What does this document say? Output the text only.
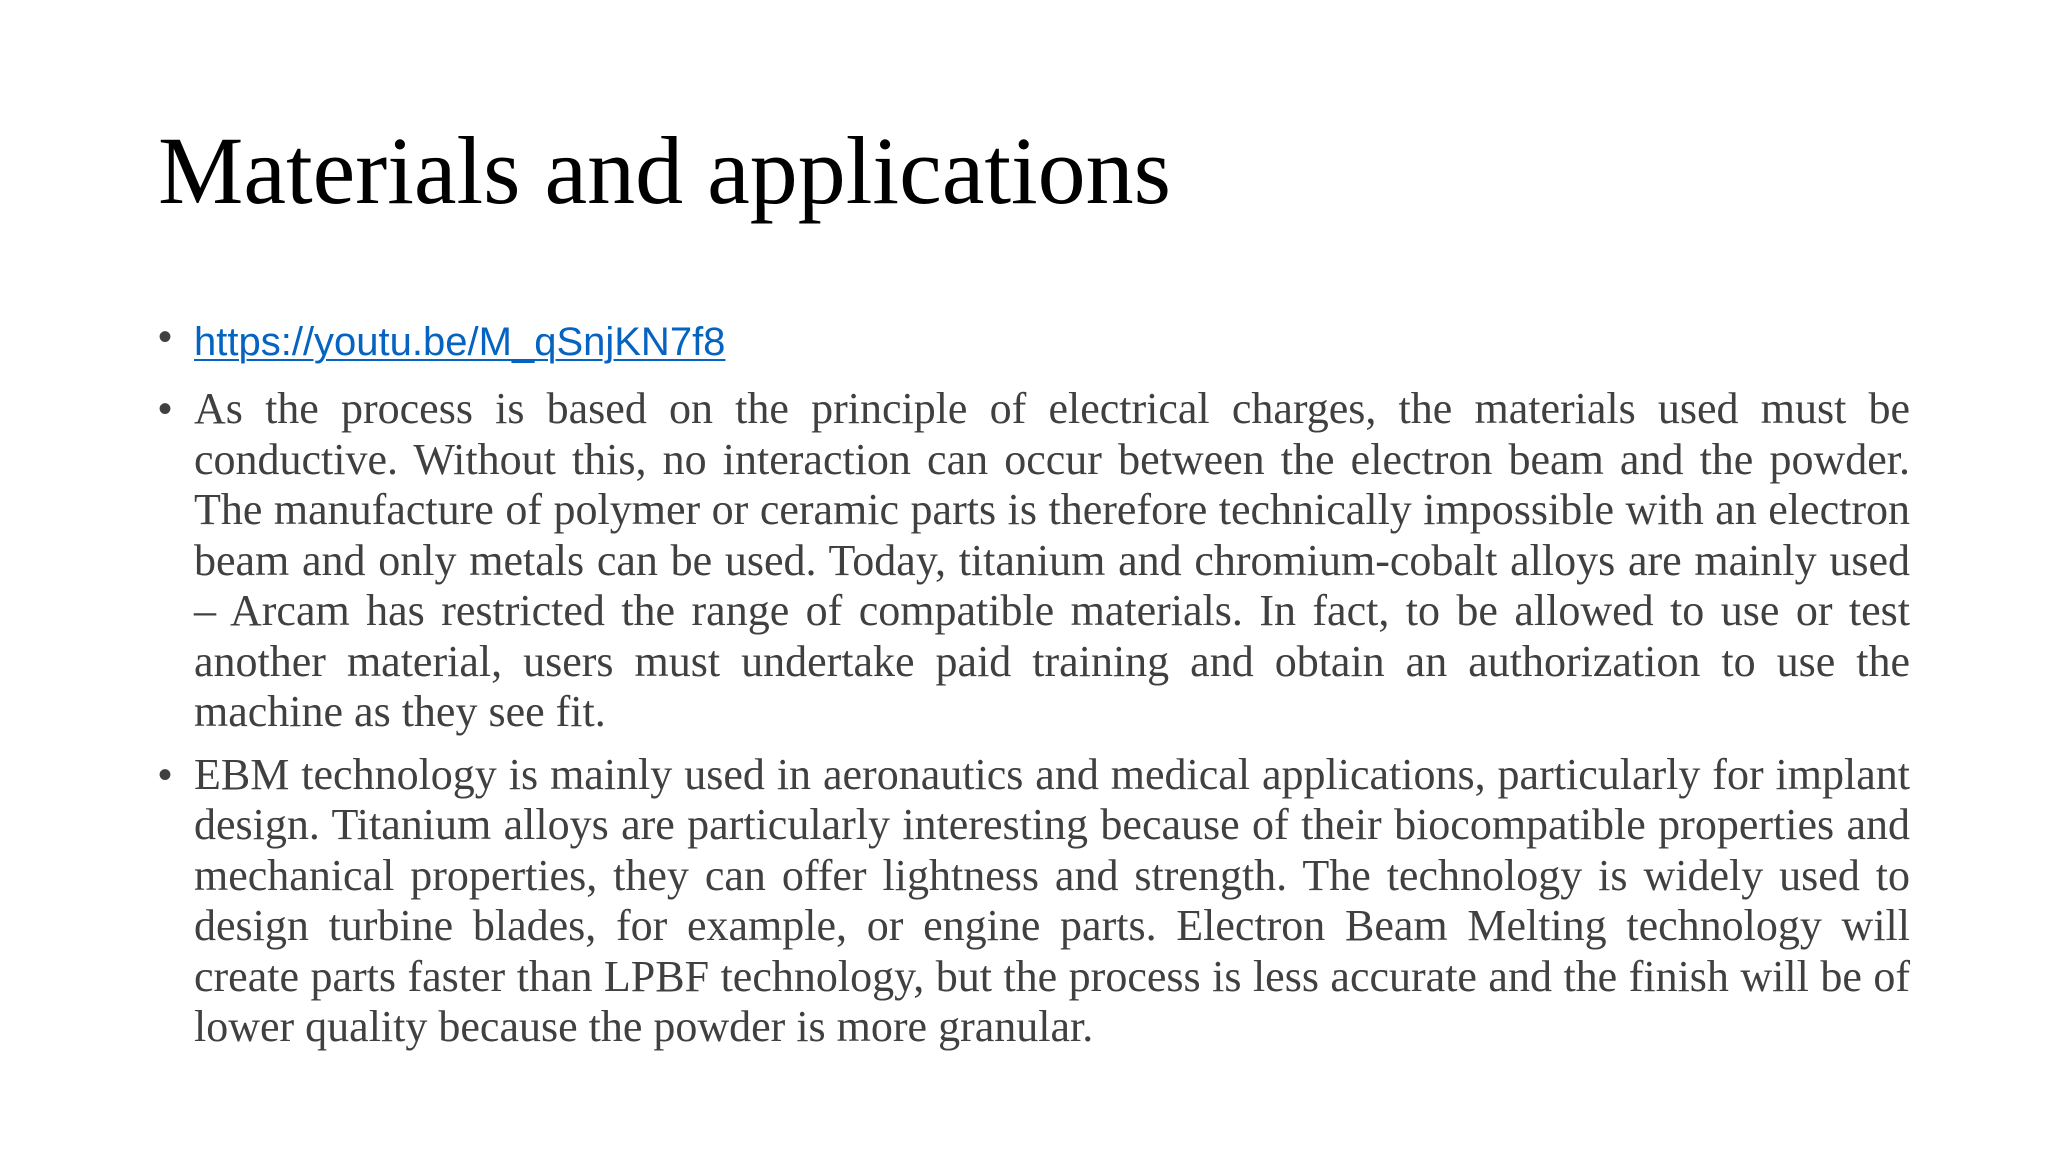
Materials and applications
• https://youtu.be/M_qSnjKN7f8
• As the process is based on the principle of electrical charges, the materials used must be conductive. Without this, no interaction can occur between the electron beam and the powder. The manufacture of polymer or ceramic parts is therefore technically impossible with an electron beam and only metals can be used. Today, titanium and chromium-cobalt alloys are mainly used – Arcam has restricted the range of compatible materials. In fact, to be allowed to use or test another material, users must undertake paid training and obtain an authorization to use the machine as they see fit.
• EBM technology is mainly used in aeronautics and medical applications, particularly for implant design. Titanium alloys are particularly interesting because of their biocompatible properties and mechanical properties, they can offer lightness and strength. The technology is widely used to design turbine blades, for example, or engine parts. Electron Beam Melting technology will create parts faster than LPBF technology, but the process is less accurate and the finish will be of lower quality because the powder is more granular.
